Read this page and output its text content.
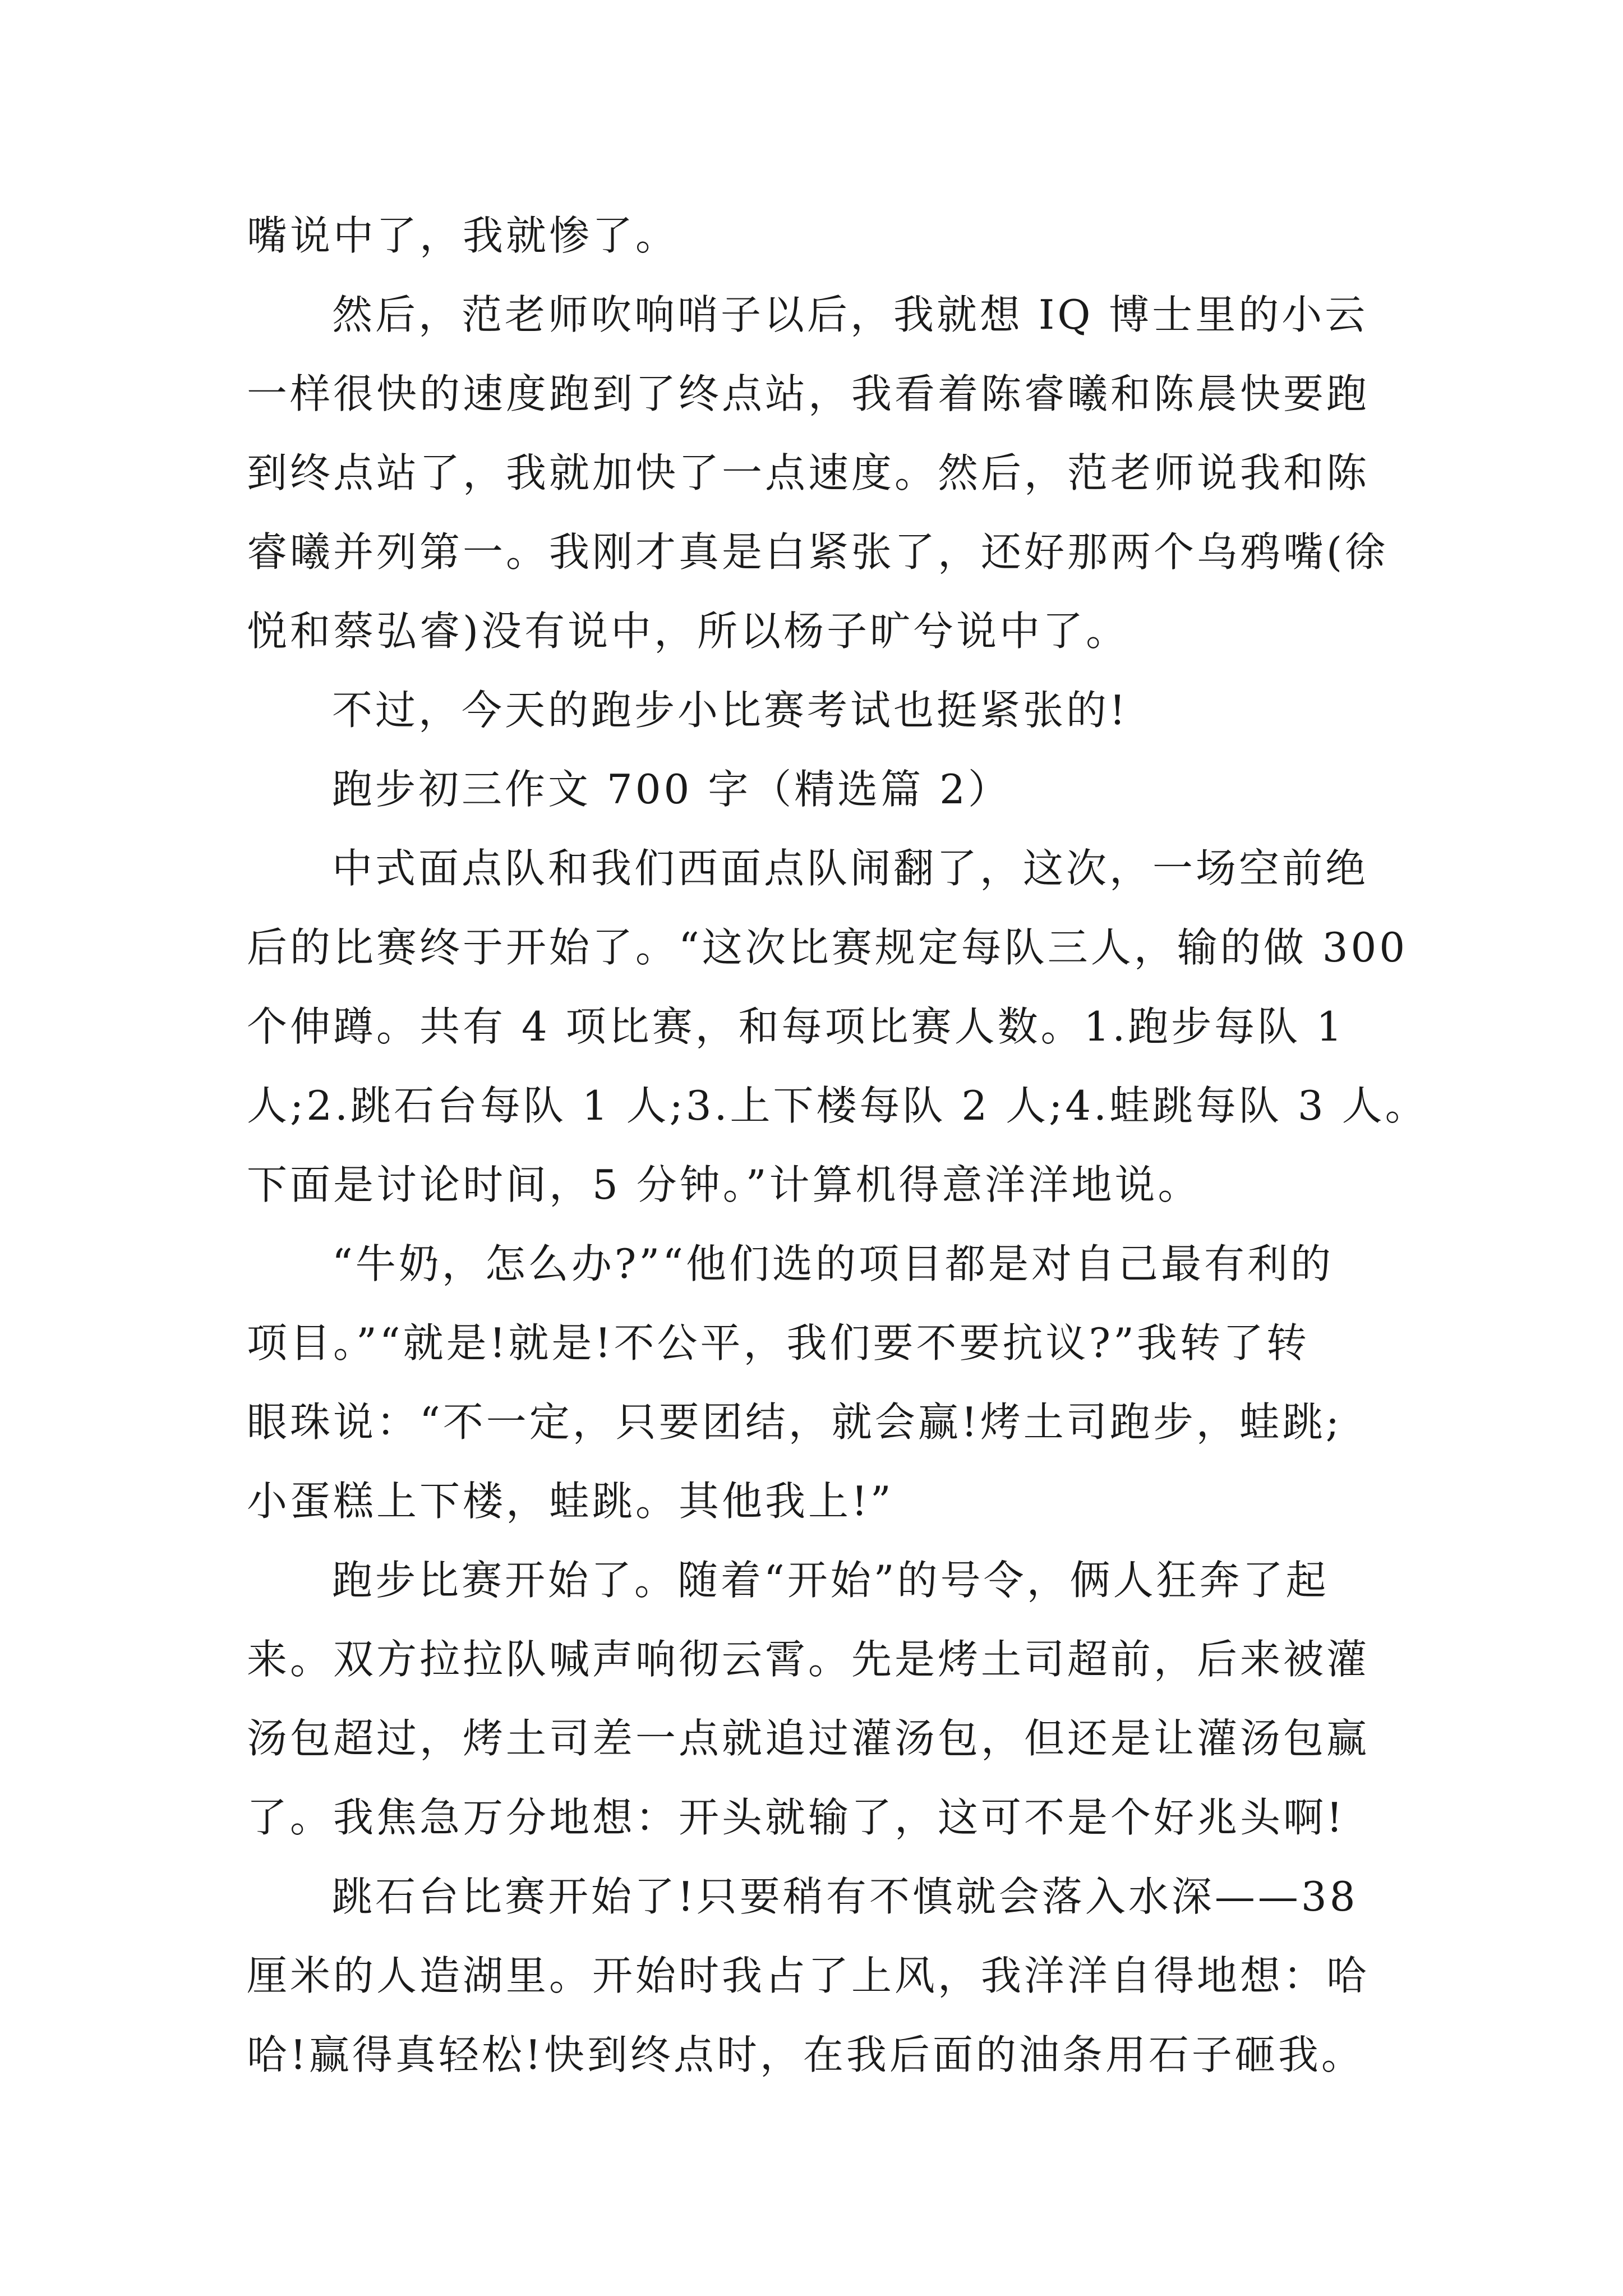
嘴说中了，我就惨了。
然后，范老师吹响哨子以后，我就想 IQ 博士里的小云
一样很快的速度跑到了终点站，我看着陈睿曦和陈晨快要跑
到终点站了，我就加快了一点速度。然后，范老师说我和陈
睿曦并列第一。我刚才真是白紧张了，还好那两个乌鸦嘴(徐
悦和蔡弘睿)没有说中，所以杨子旷兮说中了。
不过，今天的跑步小比赛考试也挺紧张的!
跑步初三作文 700 字（精选篇 2）
中式面点队和我们西面点队闹翻了，这次，一场空前绝
后的比赛终于开始了。“这次比赛规定每队三人，输的做 300
个伸蹲。共有 4 项比赛，和每项比赛人数。1.跑步每队 1
人;2.跳石台每队 1 人;3.上下楼每队 2 人;4.蛙跳每队 3 人。
下面是讨论时间，5 分钟。”计算机得意洋洋地说。
“牛奶，怎么办?”“他们选的项目都是对自己最有利的
项目。”“就是!就是!不公平，我们要不要抗议?”我转了转
眼珠说：“不一定，只要团结，就会赢!烤土司跑步，蛙跳;
小蛋糕上下楼，蛙跳。其他我上!”
跑步比赛开始了。随着“开始”的号令，俩人狂奔了起
来。双方拉拉队喊声响彻云霄。先是烤土司超前，后来被灌
汤包超过，烤土司差一点就追过灌汤包，但还是让灌汤包赢
了。我焦急万分地想：开头就输了，这可不是个好兆头啊!
跳石台比赛开始了!只要稍有不慎就会落入水深——38
厘米的人造湖里。开始时我占了上风，我洋洋自得地想：哈
哈!赢得真轻松!快到终点时，在我后面的油条用石子砸我。
